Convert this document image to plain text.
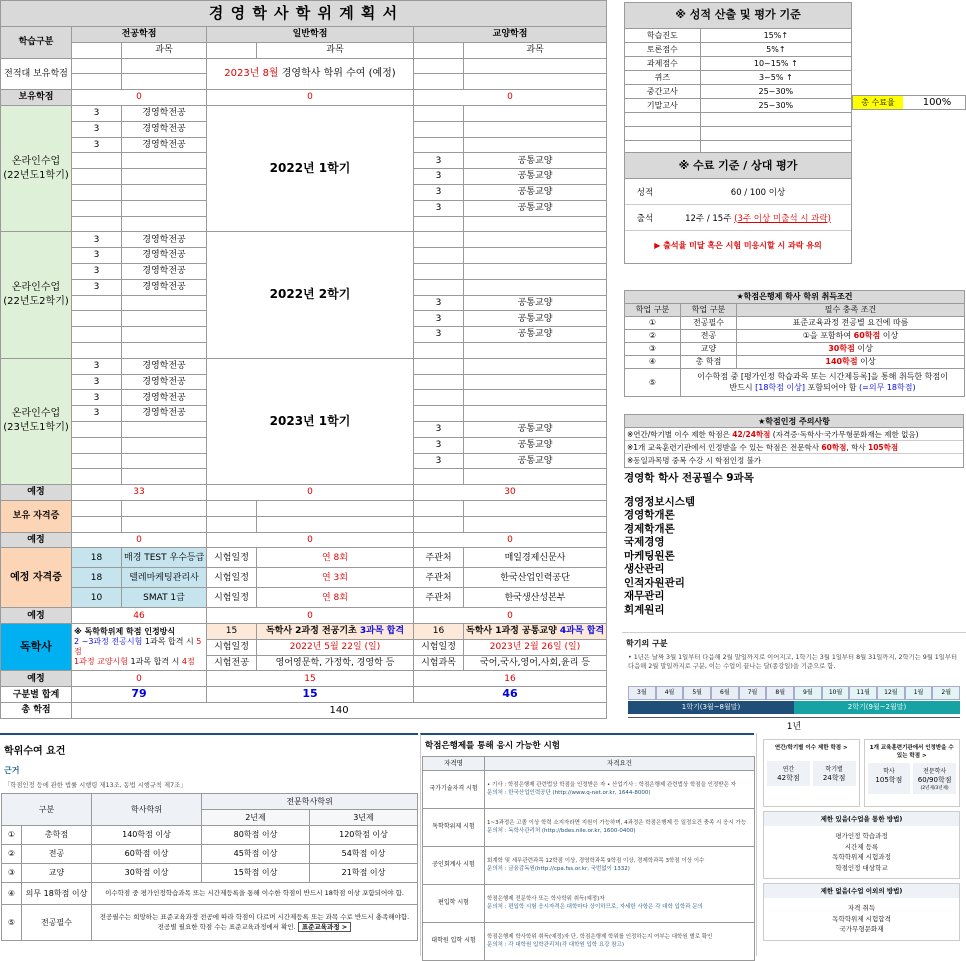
경 영 학 사 학 위 계 획 서						
학습구분	전공학점		일반학점		교양학점	
		과목		과목		과목
전적대 보유학점			2023년 8월 경영학사 학위 수여 (예정)			

보유학점	0		0		0	
온라인수업
(22년도1학기)	3	경영학전공	2022년 1학기			
	3	경영학전공				
	3	경영학전공				
					3	공통교양
					3	공통교양
					3	공통교양
					3	공통교양

온라인수업
(22년도2학기)	3	경영학전공	2022년 2학기			
	3	경영학전공				
	3	경영학전공				
	3	경영학전공				
					3	공통교양
					3	공통교양
					3	공통교양

온라인수업
(23년도1학기)	3	경영학전공	2023년 1학기			
	3	경영학전공				
	3	경영학전공				
	3	경영학전공				
					3	공통교양
					3	공통교양
					3	공통교양

예정	33		0		30	
보유 자격증						

예정	0		0		0	
예정 자격증	18	매경 TEST 우수등급	시험일정	연 8회	주관처	매일경제신문사
	18	텔레마케팅관리사	시험일정	연 3회	주관처	한국산업인력공단
	10	SMAT 1급	시험일정	연 8회	주관처	한국생산성본부
예정	46		0		0	
독학사	※ 독학학위제 학점 인정방식
2 ~3과정 전공시험 1과목 합격 시 5점
1과정 교양시험 1과목 합격 시 4점		15	독학사 2과정 전공기초 3과목 합격	16	독학사 1과정 공통교양 4과목 합격
			시험일정	2022년 5월 22일 (일)	시험일정	2023년 2월 26일 (일)
			시험전공	영어영문학, 가정학, 경영학 등	시험과목	국어,국사,영어,사회,윤리 등
예정	0		15		16	
구분별 합계	79		15		46	
총 학점	140					
※ 성적 산출 및 평가 기준	
학습진도	15%↑
토론점수	5%↑
과제점수	10~15% ↑
퀴즈	3~5% ↑
중간고사	25~30%
기말고사	25~30%

		총 수료율	100%
※ 수료 기준 / 상대 평가
성적	60 / 100 이상
출석	12주 / 15주 (3주 이상 미출석 시 과락)
▶ 출석율 미달 혹은 시험 미응시할 시 과락 유의
★학점은행제 학사 학위 취득조건		
학업 구분	학업 구분	필수 충족 조건
①	전공필수	표준교육과정 전공별 요건에 따름
②	전공	①을 포함하여 60학점 이상
③	교양	30학점 이상
④	총 학점	140학점 이상
⑤	이수학점 중 [평가인정 학습과목 또는 시간제등록]을 통해 취득한 학점이
반드시 [18학점 이상] 포함되어야 함 (=의무 18학점)	
★학점인정 주의사항
※연간/학기별 이수 제한 학점은 42/24학점 (자격증·독학사·국가무형문화재는 제한 없음)
※1개 교육훈련기관에서 인정받을 수 있는 학점은 전문학사 60학점, 학사 105학점
※동일과목명 중복 수강 시 학점인정 불가
경영학 학사 전공필수 9과목
경영정보시스템
경영학개론
경제학개론
국제경영
마케팅원론
생산관리
인적자원관리
재무관리
회계원리
학기의 구분
• 1년은 날짜 3월 1일부터 다음해 2월 말일까지로 이어지고, 1학기는 3월 1일부터 8월 31일까지, 2학기는 9월 1일부터 다음해 2월 말일까지로 구분, 이는 수업이 끝나는 달(종강일)을 기준으로 함.
3월	4월	5월	6월	7월	8월	9월	10월	11월	12월	1월	2월
1학기(3월~8월말)	2학기(9월~2월말)
1년
학위수여 요건
근거
「학점인정 등에 관한 법률 시행령 제13조, 동법 시행규칙 제7조」
구분		학사학위	전문학사학위	
			2년제	3년제
①	총학점	140학점 이상	80학점 이상	120학점 이상
②	전공	60학점 이상	45학점 이상	54학점 이상
③	교양	30학점 이상	15학점 이상	21학점 이상
④	의무 18학점 이상	이수학점 중 평가인정학습과목 또는 시간제등록을 통해 이수한 학점이 반드시 18학점 이상 포함되어야 함.		
⑤	전공필수	전공필수는 희망하는 표준교육과정 전공에 따라 학점이 다르며 시간제등록 또는 과목 수로 반드시 충족해야함.
전공별 필요한 학점 수는 표준교육과정에서 확인. 표준교육과정 >		
학점은행제를 통해 응시 가능한 시험
자격명	자격요건
국가기술자격 시험	• 기사 : 학점은행제 관련법상 학점을 인정받은 자 • 산업기사 : 학점은행제 관련법상 학점을 인정받은 자
문의처 : 한국산업인력공단 (http://www.q-net.or.kr, 1644-8000)

독학학위제 시험	1~3과정은 고졸 이상 학력 소지자라면 지원이 가능하며, 4과정은 학점은행제 등 일정요건 충족 시 응시 가능
문의처 : 독학사관리처 (http://bdes.nile.or.kr, 1600-0400)

공인회계사 시험	회계학 및 세무관련과목 12학점 이상, 경영학과목 9학점 이상, 경제학과목 3학점 이상 이수
문의처 : 금융감독원(http://cpa.fss.or.kr, 국번없이 1332)

편입학 시험	학점은행제 전문학사 또는 학사학위 취득(예정)자
문의처 : 편입학 시험 응시자격은 대학마다 상이하므로, 자세한 사항은 각 대학 입학과 문의

대학원 입학 시험	학점은행제 학사학위 취득(예정)자 단, 학점은행제 학위를 인정하는지 여부는 대학원 별로 확인
문의처 : 각 대학원 입학관리처(각 대학원 입학 요강 참고)
연간/학기별 이수 제한 학점 >
연간
42학점
학기별
24학점
1개 교육훈련기관에서 인정받을 수 있는 학점 >
학사
105학점
전문학사
60/90학점
(2년제/3년제)
제한 있음(수업을 통한 방법)
평가인정 학습과정
시간제 등록
독학학위제 시험과정
학점인정 대상학교
제한 없음(수업 이외의 방법)
자격 취득
독학학위제 시험합격
국가무형문화재
